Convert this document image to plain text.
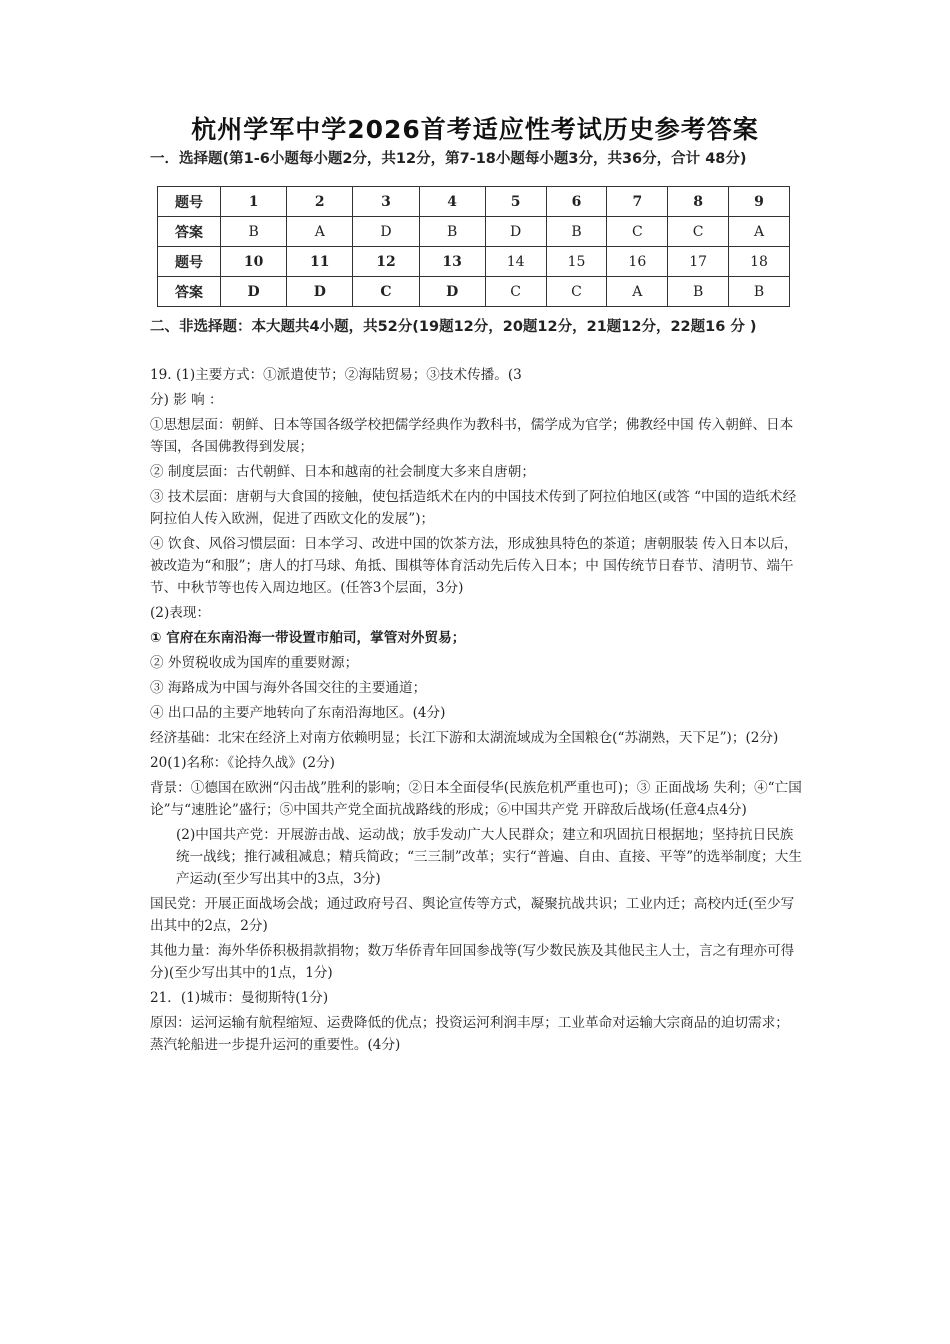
杭州学军中学2026首考适应性考试历史参考答案
一．选择题(第1-6小题每小题2分，共12分，第7-18小题每小题3分，共36分，合计 48分)
题号	1	2	3	4	5	6	7	8	9
答案	B	A	D	B	D	B	C	C	A
题号	10	11	12	13	14	15	16	17	18
答案	D	D	C	D	C	C	A	B	B
二、非选择题：本大题共4小题，共52分(19题12分，20题12分，21题12分，22题16 分 )

19. (1)主要方式：①派遣使节；②海陆贸易；③技术传播。(3

分) 影 响 ：

①思想层面：朝鲜、日本等国各级学校把儒学经典作为教科书，儒学成为官学；佛教经中国 传入朝鲜、日本等国，各国佛教得到发展；

② 制度层面：古代朝鲜、日本和越南的社会制度大多来自唐朝；

③ 技术层面：唐朝与大食国的接触，使包括造纸术在内的中国技术传到了阿拉伯地区(或答 “中国的造纸术经阿拉伯人传入欧洲，促进了西欧文化的发展”)；

④ 饮食、风俗习惯层面：日本学习、改进中国的饮茶方法，形成独具特色的茶道；唐朝服装 传入日本以后，被改造为“和服”；唐人的打马球、角抵、围棋等体育活动先后传入日本；中 国传统节日春节、清明节、端午节、中秋节等也传入周边地区。(任答3个层面，3分)

(2)表现：

① 官府在东南沿海一带设置市舶司，掌管对外贸易；

② 外贸税收成为国库的重要财源；

③ 海路成为中国与海外各国交往的主要通道；

④ 出口品的主要产地转向了东南沿海地区。(4分)

经济基础：北宋在经济上对南方依赖明显；长江下游和太湖流域成为全国粮仓(“苏湖熟，天下足”)；(2分)

20(1)名称：《论持久战》(2分)

背景：①德国在欧洲“闪击战”胜利的影响；②日本全面侵华(民族危机严重也可)；③ 正面战场 失利；④“亡国论”与“速胜论”盛行；⑤中国共产党全面抗战路线的形成；⑥中国共产党 开辟敌后战场(任意4点4分)

(2)中国共产党：开展游击战、运动战；放手发动广大人民群众；建立和巩固抗日根据地；坚持抗日民族统一战线；推行减租减息；精兵简政；“三三制”改革；实行“普遍、自由、直接、平等”的选举制度；大生产运动(至少写出其中的3点，3分)

国民党：开展正面战场会战；通过政府号召、舆论宣传等方式，凝聚抗战共识；工业内迁；高校内迁(至少写出其中的2点，2分)

其他力量：海外华侨积极捐款捐物；数万华侨青年回国参战等(写少数民族及其他民主人士，言之有理亦可得分)(至少写出其中的1点，1分)

21．(1)城市：曼彻斯特(1分)

原因：运河运输有航程缩短、运费降低的优点；投资运河利润丰厚；工业革命对运输大宗商品的迫切需求；蒸汽轮船进一步提升运河的重要性。(4分)
